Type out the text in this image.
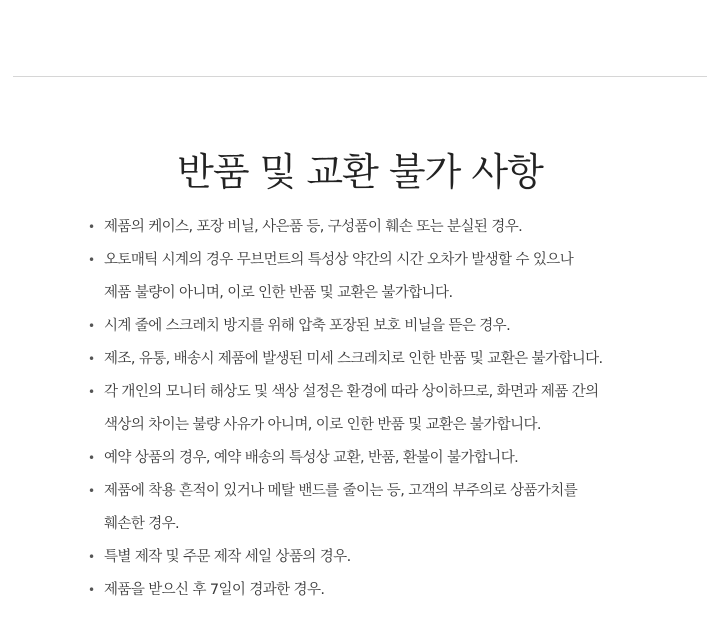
반품 및 교환 불가 사항
• 제품의 케이스, 포장 비닐, 사은품 등, 구성품이 훼손 또는 분실된 경우.
• 오토매틱 시계의 경우 무브먼트의 특성상 약간의 시간 오차가 발생할 수 있으나
제품 불량이 아니며, 이로 인한 반품 및 교환은 불가합니다.
• 시계 줄에 스크레치 방지를 위해 압축 포장된 보호 비닐을 뜯은 경우.
• 제조, 유통, 배송시 제품에 발생된 미세 스크레치로 인한 반품 및 교환은 불가합니다.
• 각 개인의 모니터 해상도 및 색상 설정은 환경에 따라 상이하므로, 화면과 제품 간의
색상의 차이는 불량 사유가 아니며, 이로 인한 반품 및 교환은 불가합니다.
• 예약 상품의 경우, 예약 배송의 특성상 교환, 반품, 환불이 불가합니다.
• 제품에 착용 흔적이 있거나 메탈 밴드를 줄이는 등, 고객의 부주의로 상품가치를
훼손한 경우.
• 특별 제작 및 주문 제작 세일 상품의 경우.
• 제품을 받으신 후 7일이 경과한 경우.
